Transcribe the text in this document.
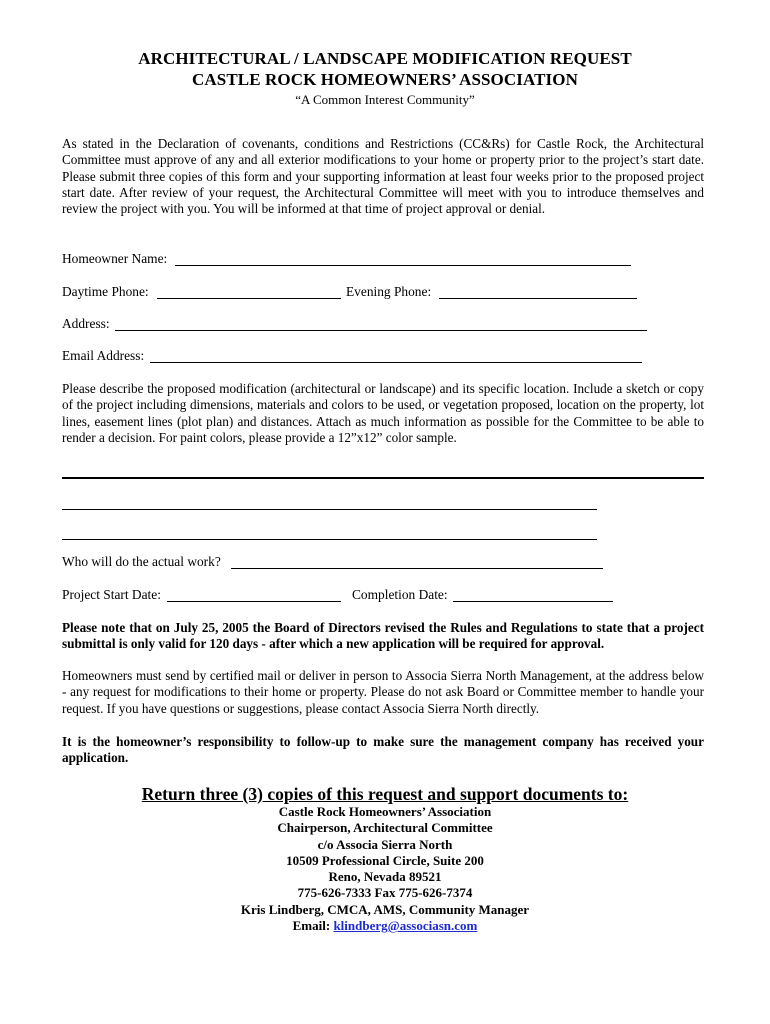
ARCHITECTURAL / LANDSCAPE MODIFICATION REQUEST
CASTLE ROCK HOMEOWNERS’ ASSOCIATION
“A Common Interest Community”
As stated in the Declaration of covenants, conditions and Restrictions (CC&Rs) for Castle Rock, the Architectural Committee must approve of any and all exterior modifications to your home or property prior to the project’s start date. Please submit three copies of this form and your supporting information at least four weeks prior to the proposed project start date. After review of your request, the Architectural Committee will meet with you to introduce themselves and review the project with you. You will be informed at that time of project approval or denial.
Homeowner Name:
Daytime Phone:	Evening Phone:
Address:
Email Address:
Please describe the proposed modification (architectural or landscape) and its specific location. Include a sketch or copy of the project including dimensions, materials and colors to be used, or vegetation proposed, location on the property, lot lines, easement lines (plot plan) and distances. Attach as much information as possible for the Committee to be able to render a decision. For paint colors, please provide a 12”x12” color sample.
Who will do the actual work?
Project Start Date:	Completion Date:
Please note that on July 25, 2005 the Board of Directors revised the Rules and Regulations to state that a project submittal is only valid for 120 days - after which a new application will be required for approval.
Homeowners must send by certified mail or deliver in person to Associa Sierra North Management, at the address below - any request for modifications to their home or property. Please do not ask Board or Committee member to handle your request. If you have questions or suggestions, please contact Associa Sierra North directly.
It is the homeowner’s responsibility to follow-up to make sure the management company has received your application.
Return three (3) copies of this request and support documents to:
Castle Rock Homeowners’ Association
Chairperson, Architectural Committee
c/o Associa Sierra North
10509 Professional Circle, Suite 200
Reno, Nevada 89521
775-626-7333 Fax 775-626-7374
Kris Lindberg, CMCA, AMS, Community Manager
Email: klindberg@associasn.com
